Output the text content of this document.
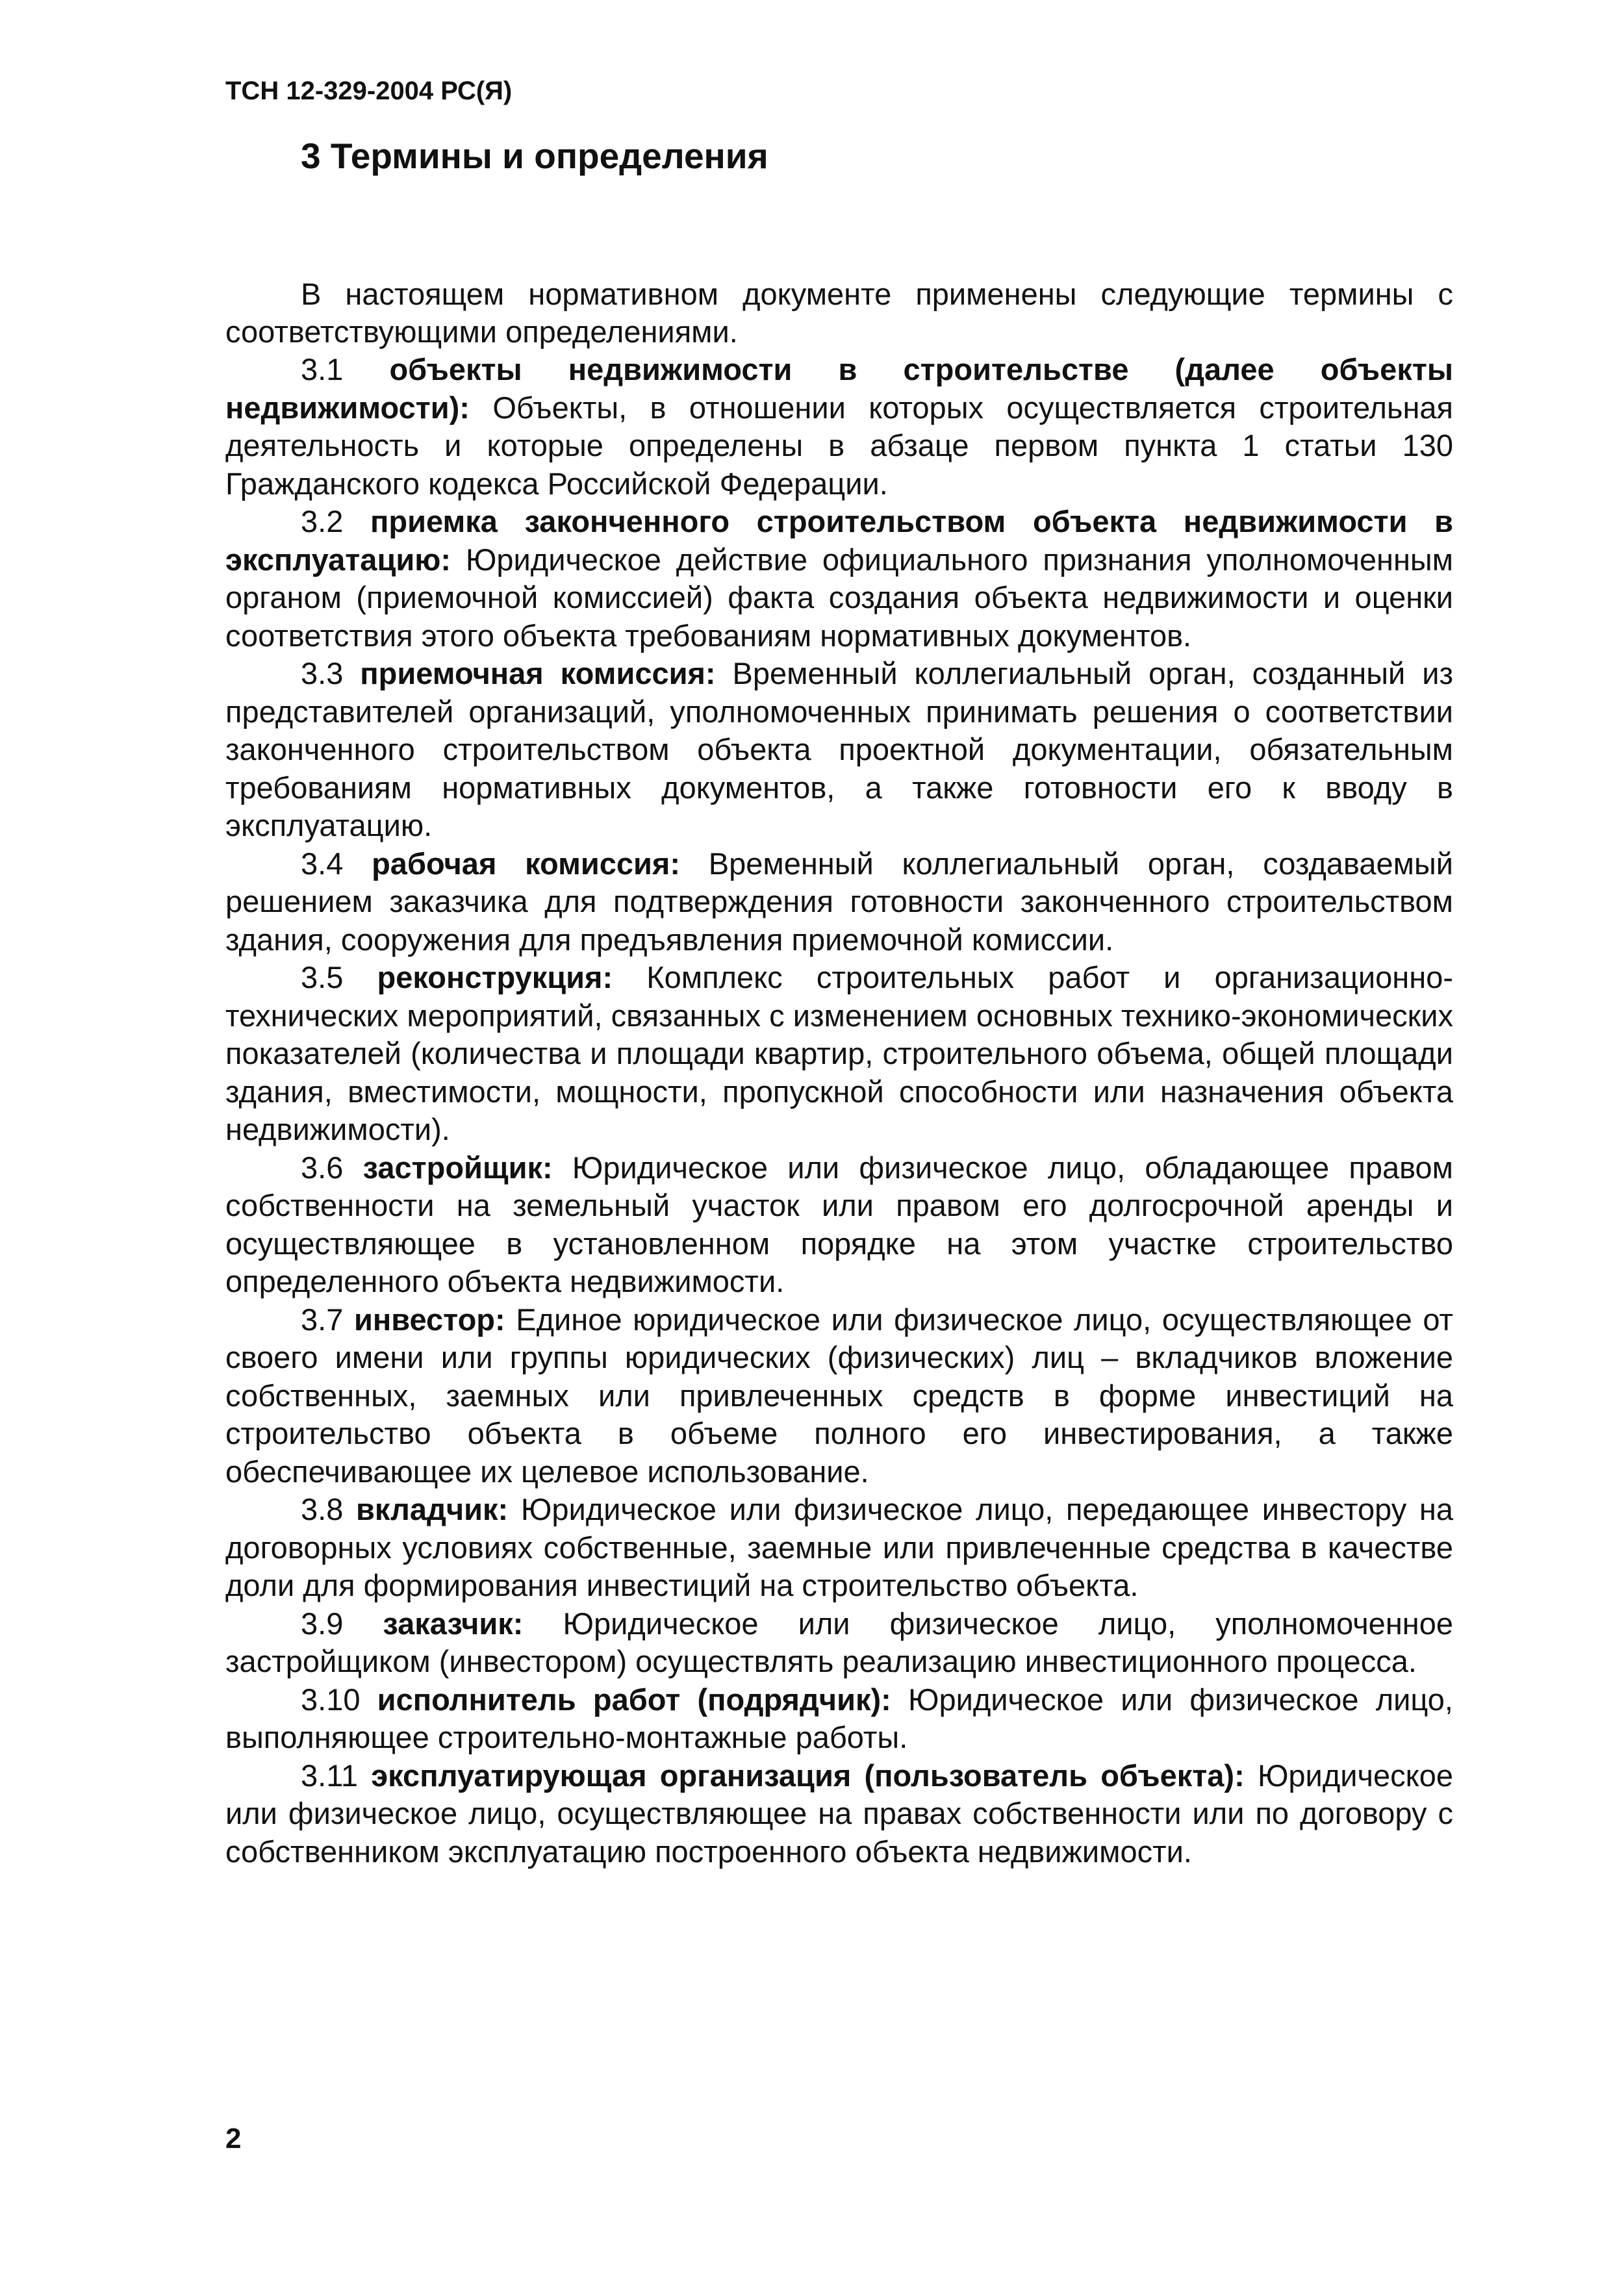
ТСН 12-329-2004 РС(Я)
3 Термины и определения

В настоящем нормативном документе применены следующие термины с соответствующими определениями.

3.1 объекты недвижимости в строительстве (далее объекты недвижимости): Объекты, в отношении которых осуществляется строительная деятельность и которые определены в абзаце первом пункта 1 статьи 130 Гражданского кодекса Российской Федерации.

3.2 приемка законченного строительством объекта недвижимости в эксплуатацию: Юридическое действие официального признания уполномоченным органом (приемочной комиссией) факта создания объекта недвижимости и оценки соответствия этого объекта требованиям нормативных документов.

3.3 приемочная комиссия: Временный коллегиальный орган, созданный из представителей организаций, уполномоченных принимать решения о соответствии законченного строительством объекта проектной документации, обязательным требованиям нормативных документов, а также готовности его к вводу в эксплуатацию.

3.4 рабочая комиссия: Временный коллегиальный орган, создаваемый решением заказчика для подтверждения готовности законченного строительством здания, сооружения для предъявления приемочной комиссии.

3.5 реконструкция: Комплекс строительных работ и организационно-технических мероприятий, связанных с изменением основных технико-экономических показателей (количества и площади квартир, строительного объема, общей площади здания, вместимости, мощности, пропускной способности или назначения объекта недвижимости).

3.6 застройщик: Юридическое или физическое лицо, обладающее правом собственности на земельный участок или правом его долгосрочной аренды и осуществляющее в установленном порядке на этом участке строительство определенного объекта недвижимости.

3.7 инвестор: Единое юридическое или физическое лицо, осуществляющее от своего имени или группы юридических (физических) лиц – вкладчиков вложение собственных, заемных или привлеченных средств в форме инвестиций на строительство объекта в объеме полного его инвестирования, а также обеспечивающее их целевое использование.

3.8 вкладчик: Юридическое или физическое лицо, передающее инвестору на договорных условиях собственные, заемные или привлеченные средства в качестве доли для формирования инвестиций на строительство объекта.

3.9 заказчик: Юридическое или физическое лицо, уполномоченное застройщиком (инвестором) осуществлять реализацию инвестиционного процесса.

3.10 исполнитель работ (подрядчик): Юридическое или физическое лицо, выполняющее строительно-монтажные работы.

3.11 эксплуатирующая организация (пользователь объекта): Юридическое или физическое лицо, осуществляющее на правах собственности или по договору с собственником эксплуатацию построенного объекта недвижимости.

2
